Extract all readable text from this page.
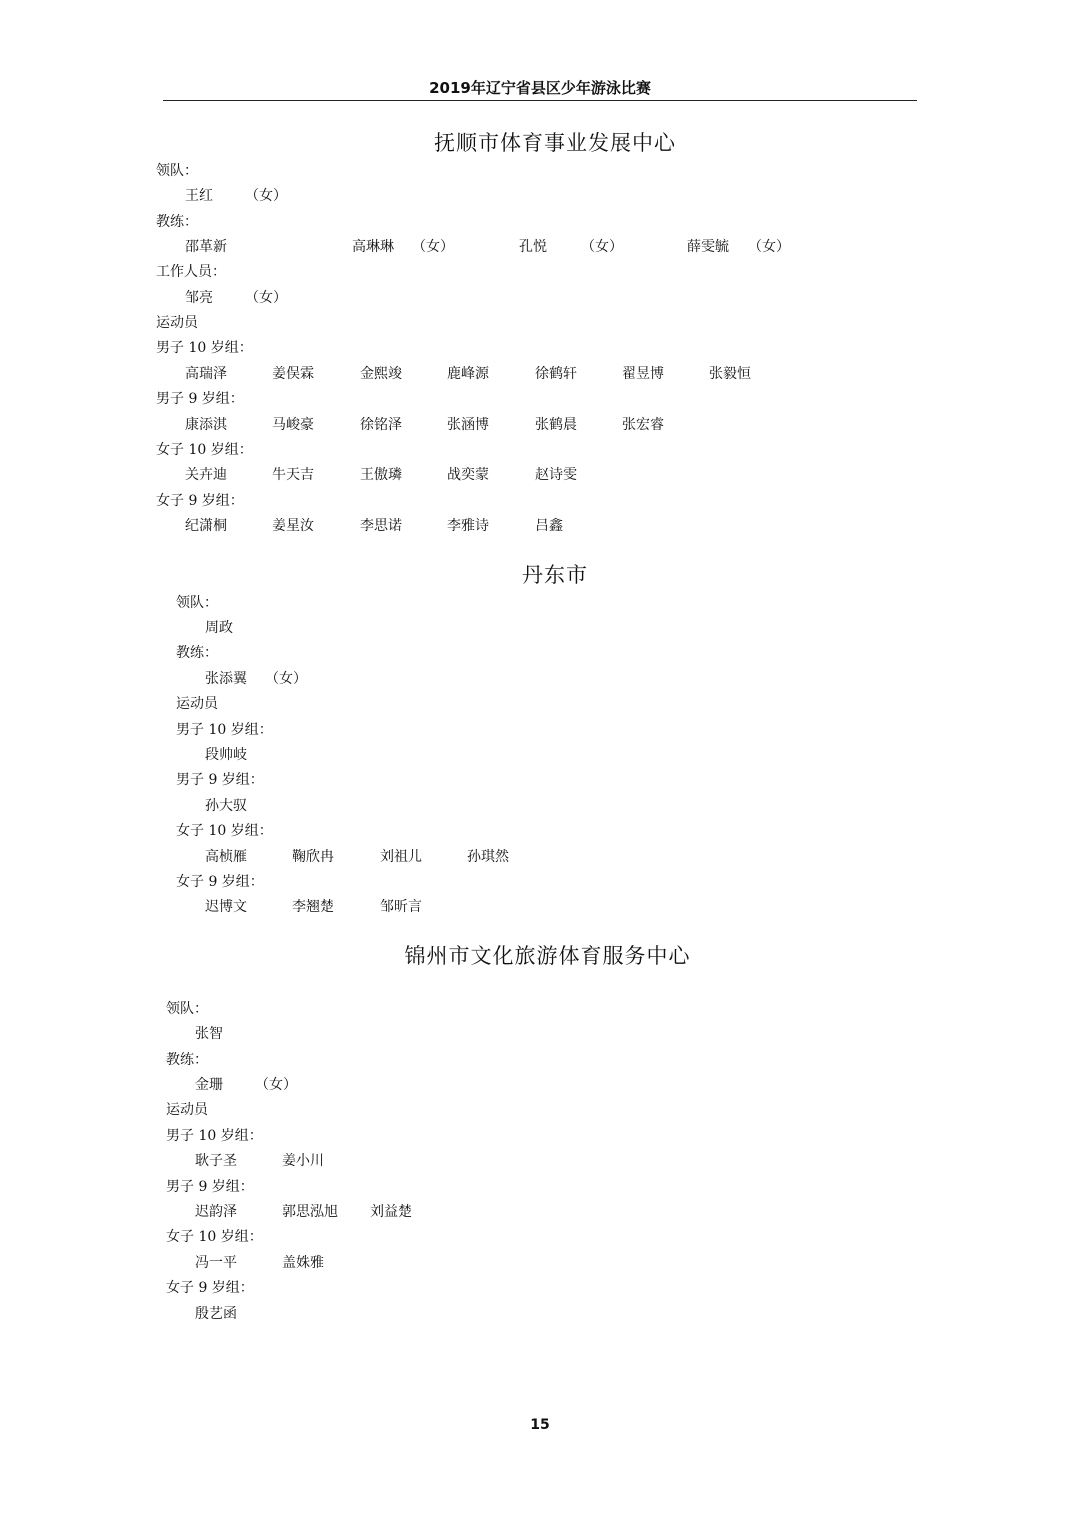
2019年辽宁省县区少年游泳比赛
抚顺市体育事业发展中心
领队：
王红 （女）
教练：
邵革新	高琳琳 （女）	孔悦 （女）	薛雯毓 （女）
工作人员：
邹亮 （女）
运动员
男子 10 岁组：
高瑞泽	姜俣霖	金熙竣	鹿峰源	徐鹤轩	翟昱博	张毅恒
男子 9 岁组：
康添淇	马峻豪	徐铭泽	张涵博	张鹤晨	张宏睿
女子 10 岁组：
关卉迪	牛天吉	王傲璘	战奕蒙	赵诗雯
女子 9 岁组：
纪潇桐	姜星汝	李思诺	李雅诗	吕鑫
丹东市
领队：
周政
教练：
张添翼 （女）
运动员
男子 10 岁组：
段帅岐
男子 9 岁组：
孙大驭
女子 10 岁组：
高桢雁	鞠欣冉	刘祖儿	孙琪然
女子 9 岁组：
迟博文	李翘楚	邹昕言
锦州市文化旅游体育服务中心
领队：
张智
教练：
金珊 （女）
运动员
男子 10 岁组：
耿子圣	姜小川
男子 9 岁组：
迟韵泽	郭思泓旭 刘益楚
女子 10 岁组：
冯一平	盖姝雅
女子 9 岁组：
殷艺函
15
